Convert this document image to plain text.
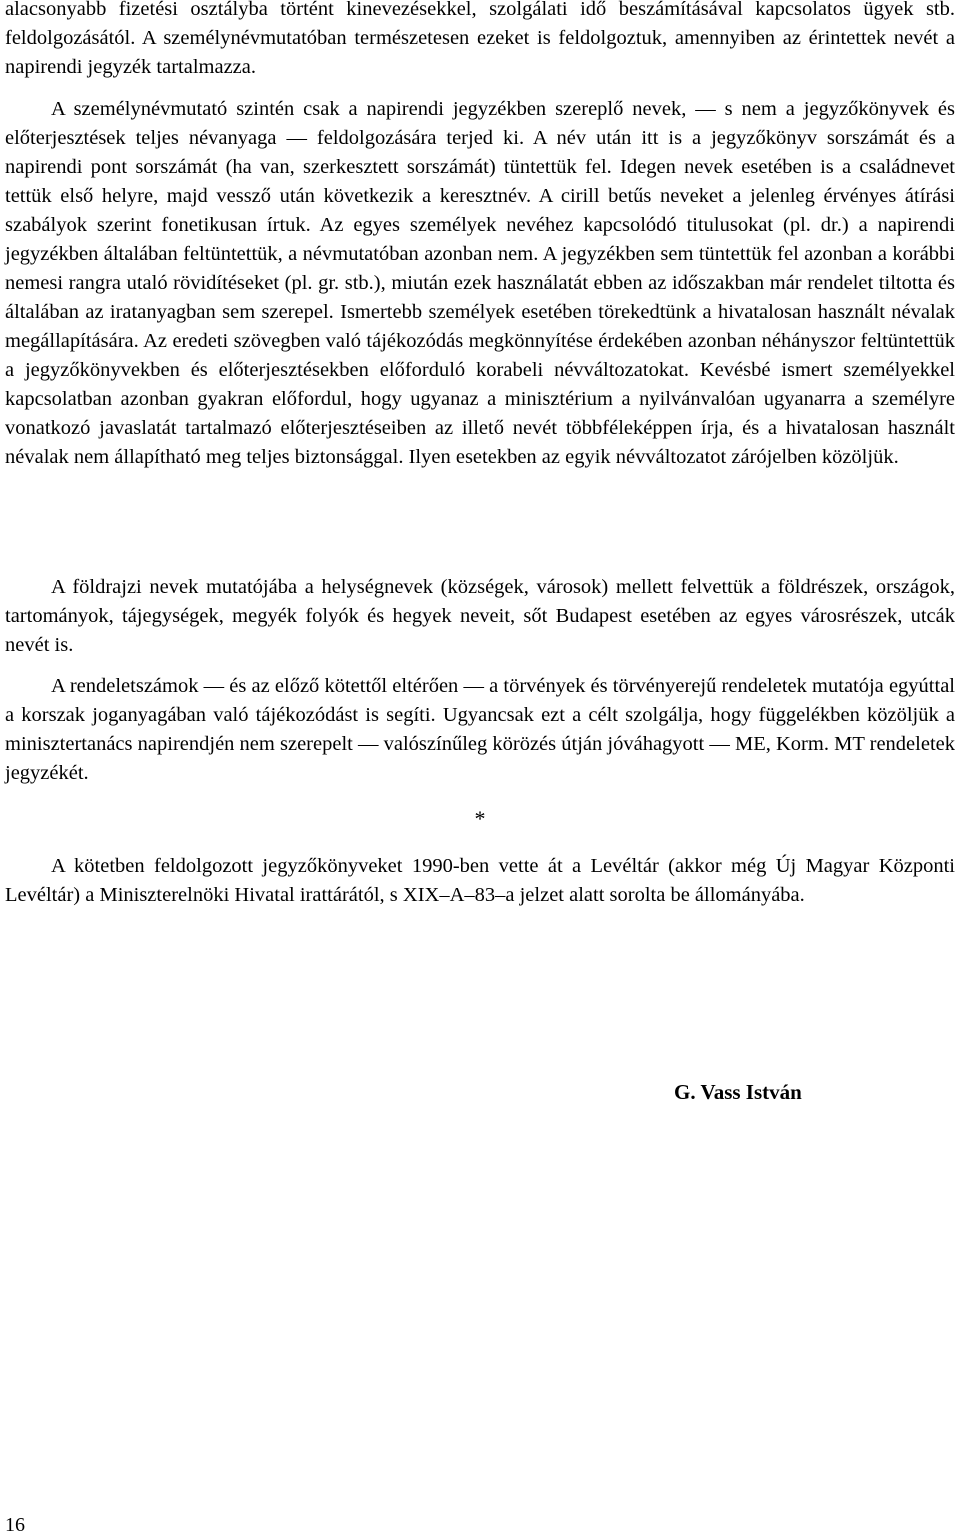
alacsonyabb fizetési osztályba történt kinevezésekkel, szolgálati idő beszámításával kapcsolatos ügyek stb. feldolgozásától. A személynévmutatóban természetesen ezeket is feldolgoztuk, amennyiben az érintettek nevét a napirendi jegyzék tartalmazza.

A személynévmutató szintén csak a napirendi jegyzékben szereplő nevek, — s nem a jegyzőkönyvek és előterjesztések teljes névanyaga — feldolgozására terjed ki. A név után itt is a jegyzőkönyv sorszámát és a napirendi pont sorszámát (ha van, szerkesztett sorszámát) tüntettük fel. Idegen nevek esetében is a családnevet tettük első helyre, majd vessző után következik a keresztnév. A cirill betűs neveket a jelenleg érvényes átírási szabályok szerint fonetikusan írtuk. Az egyes személyek nevéhez kapcsolódó titulusokat (pl. dr.) a napirendi jegyzékben általában feltüntettük, a névmutatóban azonban nem. A jegyzékben sem tüntettük fel azonban a korábbi nemesi rangra utaló rövidítéseket (pl. gr. stb.), miután ezek használatát ebben az időszakban már rendelet tiltotta és általában az iratanyagban sem szerepel. Ismertebb személyek esetében törekedtünk a hivatalosan használt névalak megállapítására. Az eredeti szövegben való tájékozódás megkönnyítése érdekében azonban néhányszor feltüntettük a jegyzőkönyvekben és előterjesztésekben előforduló korabeli névváltozatokat. Kevésbé ismert személyekkel kapcsolatban azonban gyakran előfordul, hogy ugyanaz a minisztérium a nyilvánvalóan ugyanarra a személyre vonatkozó javaslatát tartalmazó előterjesztéseiben az illető nevét többféleképpen írja, és a hivatalosan használt névalak nem állapítható meg teljes biztonsággal. Ilyen esetekben az egyik névváltozatot zárójelben közöljük.

A földrajzi nevek mutatójába a helységnevek (községek, városok) mellett felvettük a földrészek, országok, tartományok, tájegységek, megyék folyók és hegyek neveit, sőt Budapest esetében az egyes városrészek, utcák nevét is.

A rendeletszámok — és az előző kötettől eltérően — a törvények és törvényerejű rendeletek mutatója egyúttal a korszak joganyagában való tájékozódást is segíti. Ugyancsak ezt a célt szolgálja, hogy függelékben közöljük a minisztertanács napirendjén nem szerepelt — valószínűleg körözés útján jóváhagyott — ME, Korm. MT rendeletek jegyzékét.

*

A kötetben feldolgozott jegyzőkönyveket 1990-ben vette át a Levéltár (akkor még Új Magyar Központi Levéltár) a Miniszterelnöki Hivatal irattárától, s XIX–A–83–a jelzet alatt sorolta be állományába.

G. Vass István

16
